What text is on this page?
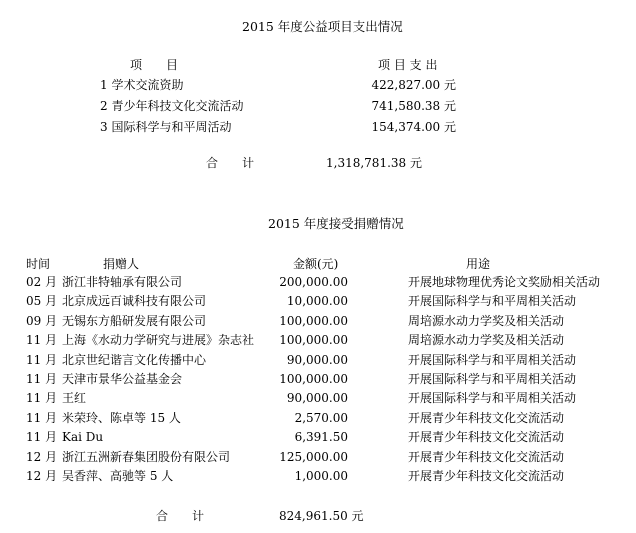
2015 年度公益项目支出情况
项　　目	项 目 支 出
1 学术交流资助	422,827.00 元
2 青少年科技文化交流活动	741,580.38 元
3 国际科学与和平周活动	154,374.00 元
合　　计	1,318,781.38 元
2015 年度接受捐赠情况
时间	捐赠人	金额(元)	用途
02 月 浙江非特轴承有限公司	200,000.00	开展地球物理优秀论文奖励相关活动
05 月 北京成远百诚科技有限公司	10,000.00	开展国际科学与和平周相关活动
09 月 无锡东方船研发展有限公司	100,000.00	周培源水动力学奖及相关活动
11 月 上海《水动力学研究与进展》杂志社	100,000.00	周培源水动力学奖及相关活动
11 月 北京世纪谐言文化传播中心	90,000.00	开展国际科学与和平周相关活动
11 月 天津市景华公益基金会	100,000.00	开展国际科学与和平周相关活动
11 月 王红	90,000.00	开展国际科学与和平周相关活动
11 月 米荣玲、陈卓等 15 人	2,570.00	开展青少年科技文化交流活动
11 月 Kai Du	6,391.50	开展青少年科技文化交流活动
12 月 浙江五洲新春集团股份有限公司	125,000.00	开展青少年科技文化交流活动
12 月 吴香萍、高驰等 5 人	1,000.00	开展青少年科技文化交流活动
合　　计	824,961.50 元
